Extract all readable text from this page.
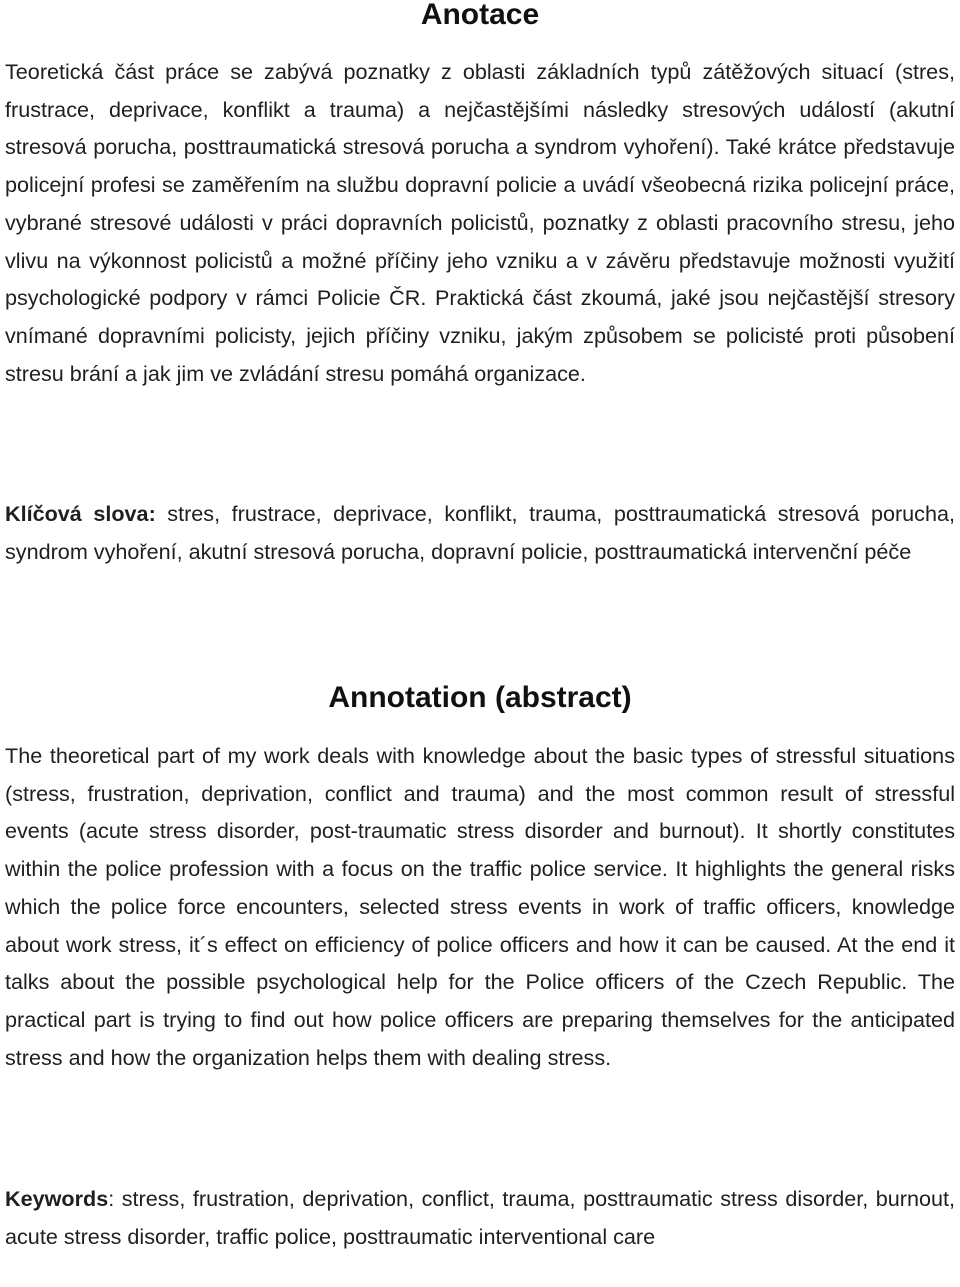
Anotace

Teoretická část práce se zabývá poznatky z oblasti základních typů zátěžových situací (stres, frustrace, deprivace, konflikt a trauma) a nejčastějšími následky stresových událostí (akutní stresová porucha, posttraumatická stresová porucha a syndrom vyhoření). Také krátce představuje policejní profesi se zaměřením na službu dopravní policie a uvádí všeobecná rizika policejní práce, vybrané stresové události v práci dopravních policistů, poznatky z oblasti pracovního stresu, jeho vlivu na výkonnost policistů a možné příčiny jeho vzniku a v závěru představuje možnosti využití psychologické podpory v rámci Policie ČR. Praktická část zkoumá, jaké jsou nejčastější stresory vnímané dopravními policisty, jejich příčiny vzniku, jakým způsobem se policisté proti působení stresu brání a jak jim ve zvládání stresu pomáhá organizace.

Klíčová slova: stres, frustrace, deprivace, konflikt, trauma, posttraumatická stresová porucha, syndrom vyhoření, akutní stresová porucha, dopravní policie, posttraumatická intervenční péče

Annotation (abstract)

The theoretical part of my work deals with knowledge about the basic types of stressful situations (stress, frustration, deprivation, conflict and trauma) and the most common result of stressful events (acute stress disorder, post-traumatic stress disorder and burnout). It shortly constitutes within the police profession with a focus on the traffic police service. It highlights the general risks which the police force encounters, selected stress events in work of traffic officers, knowledge about work stress, it´s effect on efficiency of police officers and how it can be caused. At the end it talks about the possible psychological help for the Police officers of the Czech Republic. The practical part is trying to find out how police officers are preparing themselves for the anticipated stress and how the organization helps them with dealing stress.

Keywords: stress, frustration, deprivation, conflict, trauma, posttraumatic stress disorder, burnout, acute stress disorder, traffic police, posttraumatic interventional care
